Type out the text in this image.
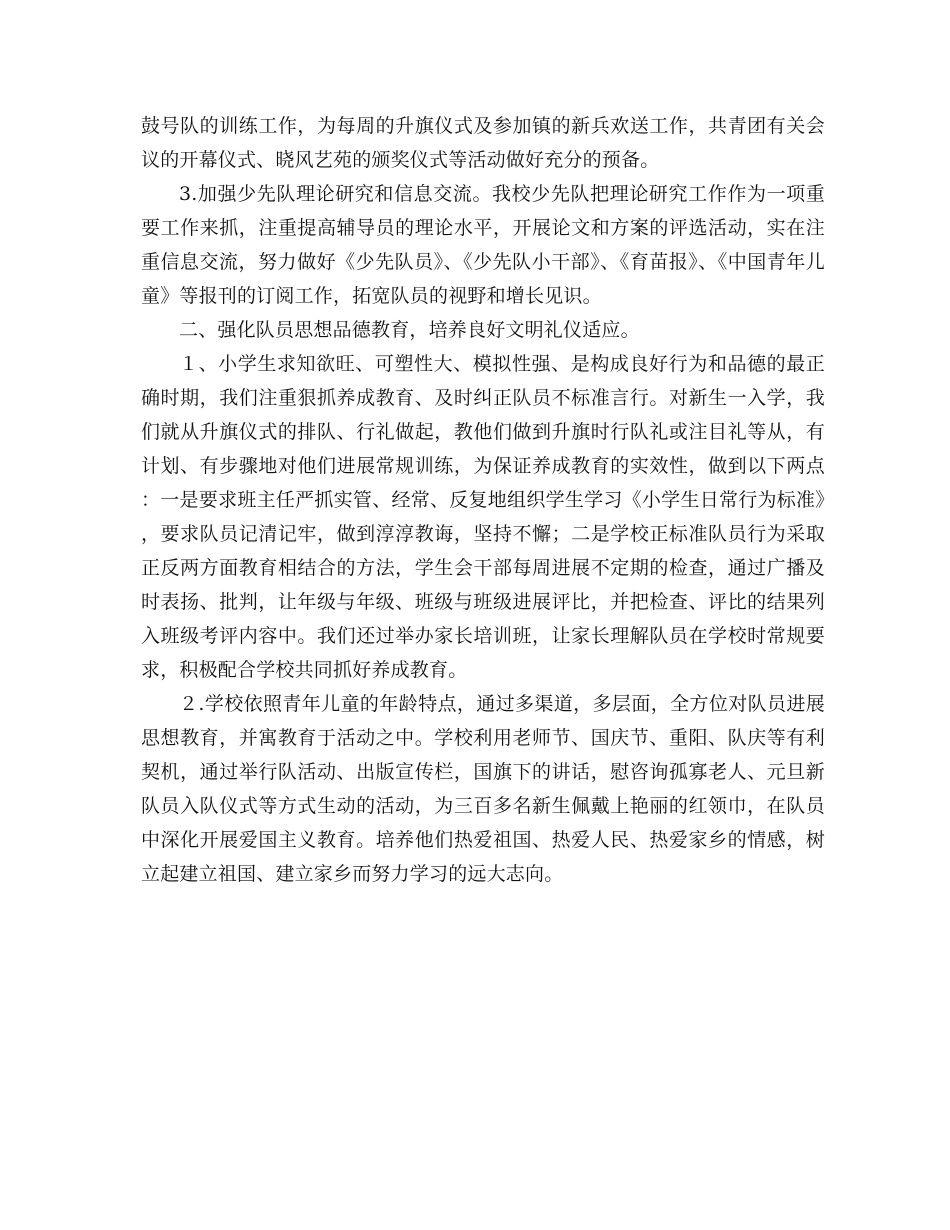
鼓号队的训练工作，为每周的升旗仪式及参加镇的新兵欢送工作，共青团有关会议的开幕仪式、晓风艺苑的颁奖仪式等活动做好充分的预备。

3.加强少先队理论研究和信息交流。我校少先队把理论研究工作作为一项重要工作来抓，注重提高辅导员的理论水平，开展论文和方案的评选活动，实在注重信息交流，努力做好《少先队员》、《少先队小干部》、《育苗报》、《中国青年儿童》等报刊的订阅工作，拓宽队员的视野和增长见识。

二、强化队员思想品德教育，培养良好文明礼仪适应。

１、小学生求知欲旺、可塑性大、模拟性强、是构成良好行为和品德的最正确时期，我们注重狠抓养成教育、及时纠正队员不标准言行。对新生一入学，我们就从升旗仪式的排队、行礼做起，教他们做到升旗时行队礼或注目礼等从，有计划、有步骤地对他们进展常规训练，为保证养成教育的实效性，做到以下两点：一是要求班主任严抓实管、经常、反复地组织学生学习《小学生日常行为标准》，要求队员记清记牢，做到淳淳教诲，坚持不懈；二是学校正标准队员行为采取正反两方面教育相结合的方法，学生会干部每周进展不定期的检查，通过广播及时表扬、批判，让年级与年级、班级与班级进展评比，并把检查、评比的结果列入班级考评内容中。我们还过举办家长培训班，让家长理解队员在学校时常规要求，积极配合学校共同抓好养成教育。

２.学校依照青年儿童的年龄特点，通过多渠道，多层面，全方位对队员进展思想教育，并寓教育于活动之中。学校利用老师节、国庆节、重阳、队庆等有利契机，通过举行队活动、出版宣传栏，国旗下的讲话，慰咨询孤寡老人、元旦新队员入队仪式等方式生动的活动，为三百多名新生佩戴上艳丽的红领巾，在队员中深化开展爱国主义教育。培养他们热爱祖国、热爱人民、热爱家乡的情感，树立起建立祖国、建立家乡而努力学习的远大志向。
